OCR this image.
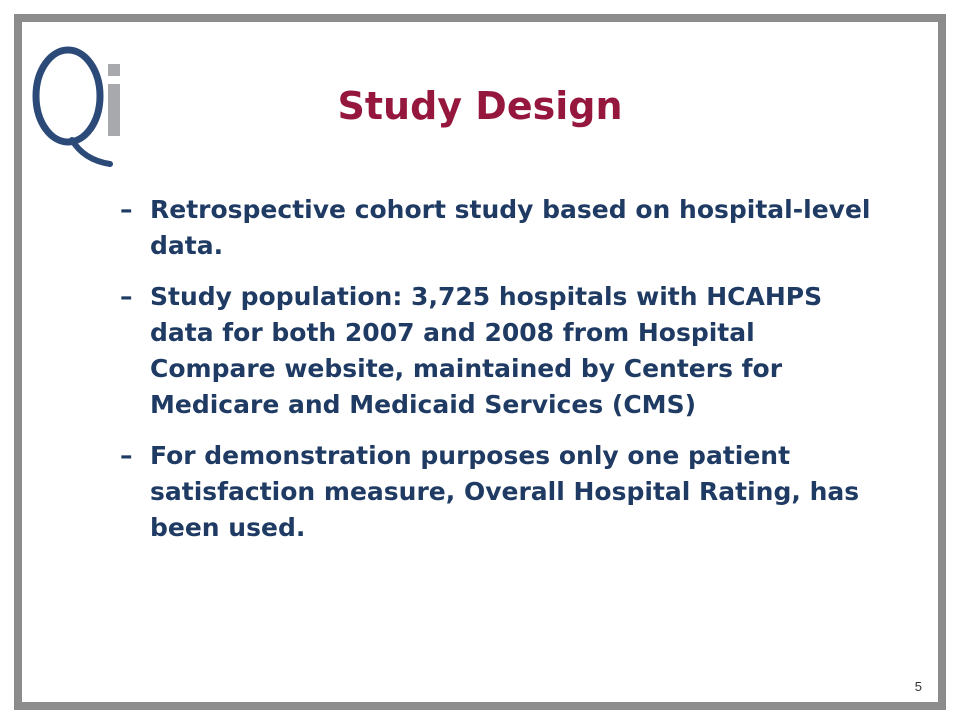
Study Design
– Retrospective cohort study based on hospital-level data.
– Study population: 3,725 hospitals with HCAHPS data for both 2007 and 2008 from Hospital Compare website, maintained by Centers for Medicare and Medicaid Services (CMS)
– For demonstration purposes only one patient satisfaction measure, Overall Hospital Rating, has been used.
5
